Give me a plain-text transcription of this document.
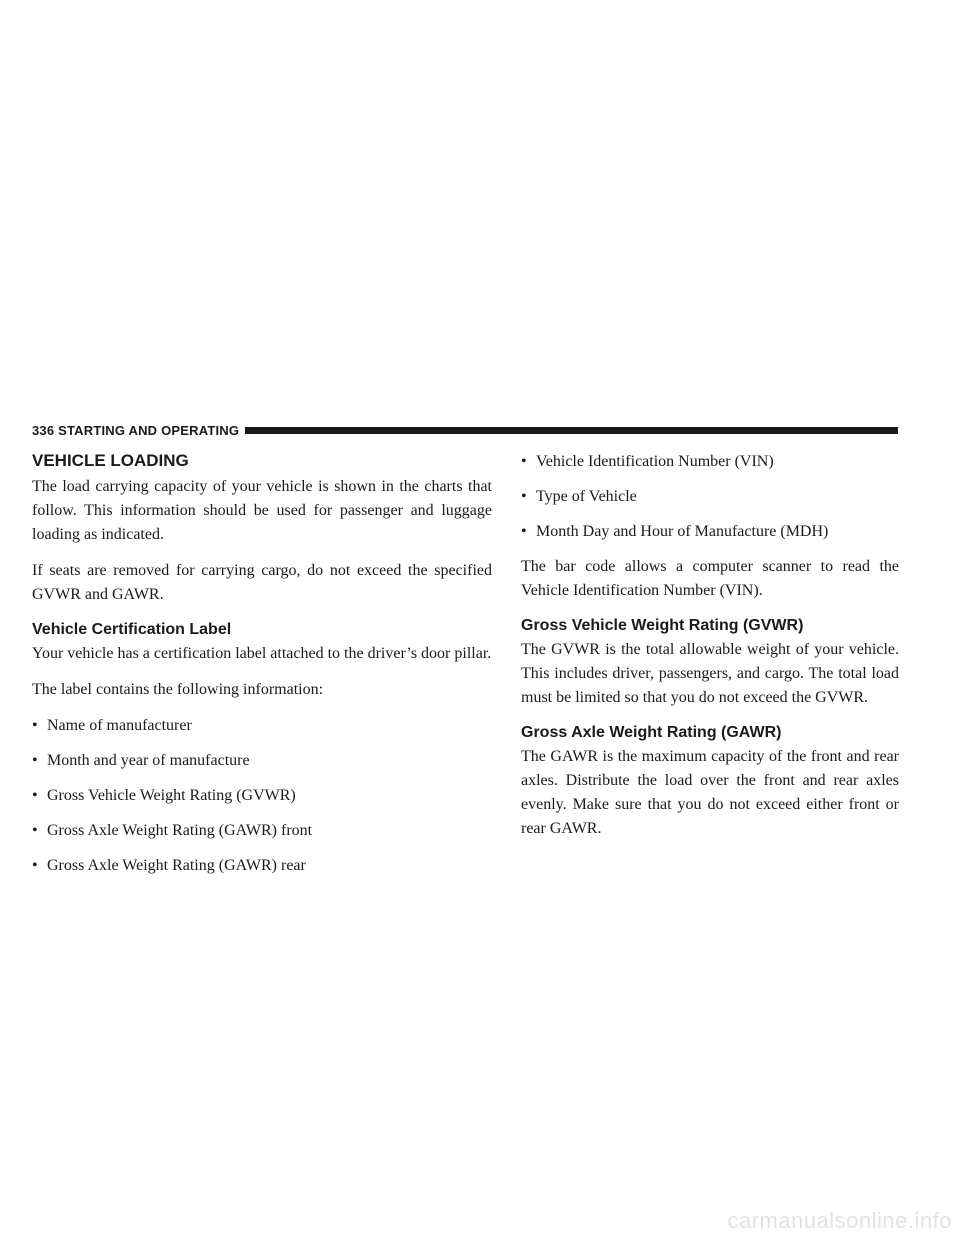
336 STARTING AND OPERATING
VEHICLE LOADING

The load carrying capacity of your vehicle is shown in the charts that follow. This information should be used for passenger and luggage loading as indicated.

If seats are removed for carrying cargo, do not exceed the specified GVWR and GAWR.

Vehicle Certification Label

Your vehicle has a certification label attached to the driver’s door pillar.

The label contains the following information:

• Name of manufacturer
• Month and year of manufacture
• Gross Vehicle Weight Rating (GVWR)
• Gross Axle Weight Rating (GAWR) front
• Gross Axle Weight Rating (GAWR) rear
• Vehicle Identification Number (VIN)
• Type of Vehicle
• Month Day and Hour of Manufacture (MDH)

The bar code allows a computer scanner to read the Vehicle Identification Number (VIN).

Gross Vehicle Weight Rating (GVWR)

The GVWR is the total allowable weight of your vehicle. This includes driver, passengers, and cargo. The total load must be limited so that you do not exceed the GVWR.

Gross Axle Weight Rating (GAWR)

The GAWR is the maximum capacity of the front and rear axles. Distribute the load over the front and rear axles evenly. Make sure that you do not exceed either front or rear GAWR.

carmanualsonline.info
